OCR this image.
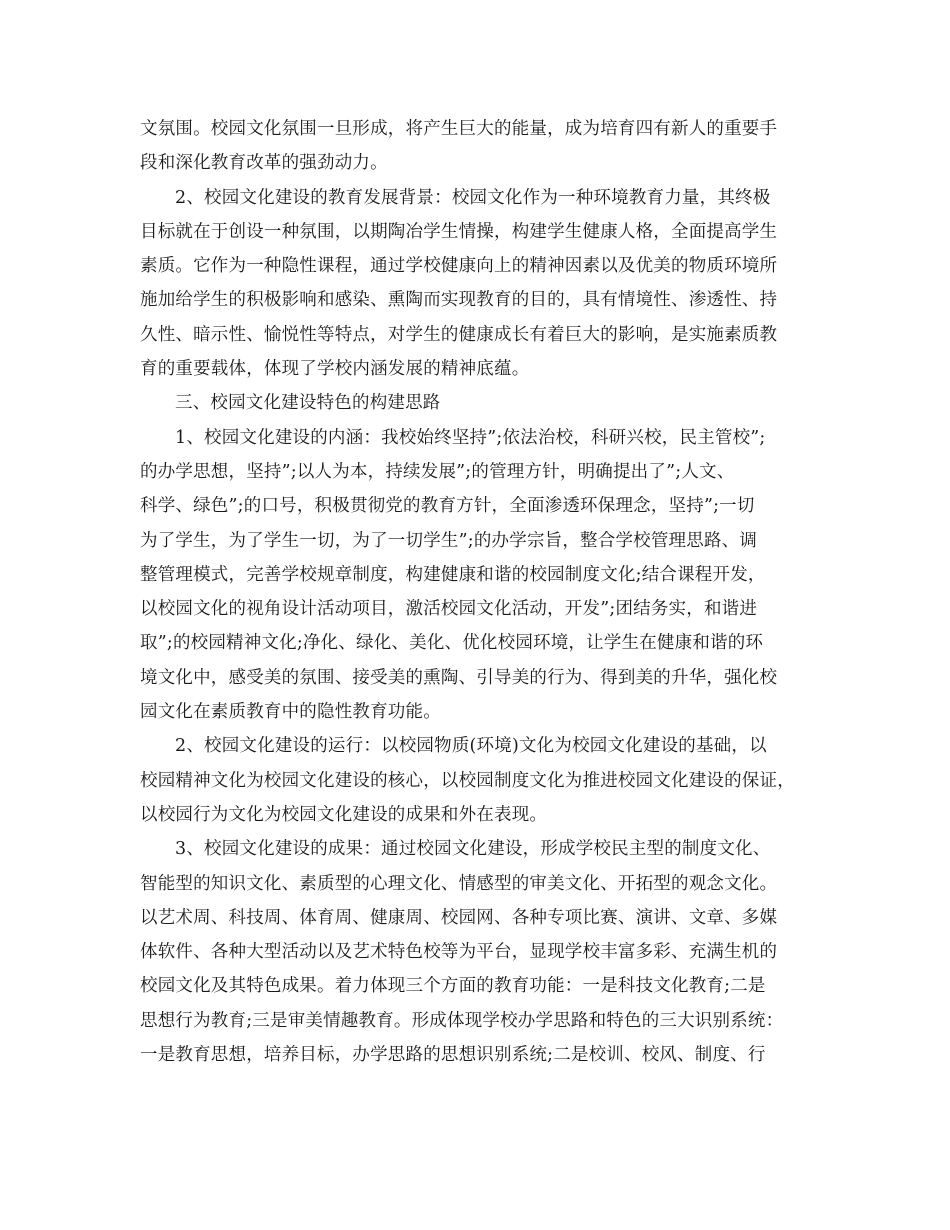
文氛围。校园文化氛围一旦形成，将产生巨大的能量，成为培育四有新人的重要手
段和深化教育改革的强劲动力。
2、校园文化建设的教育发展背景：校园文化作为一种环境教育力量，其终极
目标就在于创设一种氛围，以期陶冶学生情操，构建学生健康人格，全面提高学生
素质。它作为一种隐性课程，通过学校健康向上的精神因素以及优美的物质环境所
施加给学生的积极影响和感染、熏陶而实现教育的目的，具有情境性、渗透性、持
久性、暗示性、愉悦性等特点，对学生的健康成长有着巨大的影响，是实施素质教
育的重要载体，体现了学校内涵发展的精神底蕴。
三、校园文化建设特色的构建思路
1、校园文化建设的内涵：我校始终坚持”;依法治校，科研兴校，民主管校”;
的办学思想，坚持”;以人为本，持续发展”;的管理方针，明确提出了”;人文、
科学、绿色”;的口号，积极贯彻党的教育方针，全面渗透环保理念，坚持”;一切
为了学生，为了学生一切，为了一切学生”;的办学宗旨，整合学校管理思路、调
整管理模式，完善学校规章制度，构建健康和谐的校园制度文化;结合课程开发，
以校园文化的视角设计活动项目，激活校园文化活动，开发”;团结务实，和谐进
取”;的校园精神文化;净化、绿化、美化、优化校园环境，让学生在健康和谐的环
境文化中，感受美的氛围、接受美的熏陶、引导美的行为、得到美的升华，强化校
园文化在素质教育中的隐性教育功能。
2、校园文化建设的运行：以校园物质(环境)文化为校园文化建设的基础，以
校园精神文化为校园文化建设的核心，以校园制度文化为推进校园文化建设的保证，
以校园行为文化为校园文化建设的成果和外在表现。
3、校园文化建设的成果：通过校园文化建设，形成学校民主型的制度文化、
智能型的知识文化、素质型的心理文化、情感型的审美文化、开拓型的观念文化。
以艺术周、科技周、体育周、健康周、校园网、各种专项比赛、演讲、文章、多媒
体软件、各种大型活动以及艺术特色校等为平台，显现学校丰富多彩、充满生机的
校园文化及其特色成果。着力体现三个方面的教育功能：一是科技文化教育;二是
思想行为教育;三是审美情趣教育。形成体现学校办学思路和特色的三大识别系统：
一是教育思想，培养目标，办学思路的思想识别系统;二是校训、校风、制度、行
